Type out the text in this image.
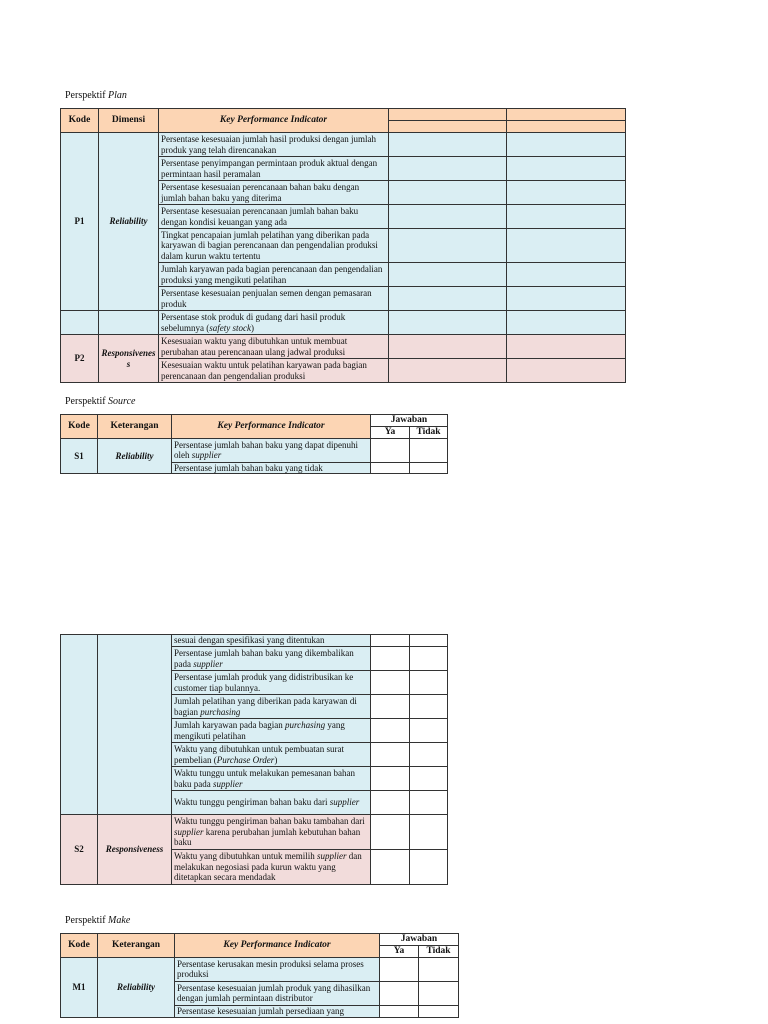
Perspektif Plan
Kode	Dimensi	Key Performance Indicator		

P1	Reliability	Persentase kesesuaian jumlah hasil produksi dengan jumlah produk yang telah direncanakan		
		Persentase penyimpangan permintaan produk aktual dengan permintaan hasil peramalan		
		Persentase kesesuaian perencanaan bahan baku dengan jumlah bahan baku yang diterima		
		Persentase kesesuaian perencanaan jumlah bahan baku dengan kondisi keuangan yang ada		
		Tingkat pencapaian jumlah pelatihan yang diberikan pada karyawan di bagian perencanaan dan pengendalian produksi dalam kurun waktu tertentu		
		Jumlah karyawan pada bagian perencanaan dan pengendalian produksi yang mengikuti pelatihan		
		Persentase kesesuaian penjualan semen dengan pemasaran produk		
		Persentase stok produk di gudang dari hasil produk sebelumnya (safety stock)		
P2	Responsiveness	Kesesuaian waktu yang dibutuhkan untuk membuat perubahan atau perencanaan ulang jadwal produksi		
		Kesesuaian waktu untuk pelatihan karyawan pada bagian perencanaan dan pengendalian produksi		
Perspektif Source
Kode	Keterangan	Key Performance Indicator	Jawaban	
			Ya	Tidak
S1	Reliability	Persentase jumlah bahan baku yang dapat dipenuhi oleh supplier		
		Persentase jumlah bahan baku yang tidak		
		sesuai dengan spesifikasi yang ditentukan		
		Persentase jumlah bahan baku yang dikembalikan pada supplier		
		Persentase jumlah produk yang didistribusikan ke customer tiap bulannya.		
		Jumlah pelatihan yang diberikan pada karyawan di bagian purchasing		
		Jumlah karyawan pada bagian purchasing yang mengikuti pelatihan		
		Waktu yang dibutuhkan untuk pembuatan surat pembelian (Purchase Order)		
		Waktu tunggu untuk melakukan pemesanan bahan baku pada supplier		
		Waktu tunggu pengiriman bahan baku dari supplier		
S2	Responsiveness	Waktu tunggu pengiriman bahan baku tambahan dari supplier karena perubahan jumlah kebutuhan bahan baku		
		Waktu yang dibutuhkan untuk memilih supplier dan melakukan negosiasi pada kurun waktu yang ditetapkan secara mendadak		
Perspektif Make
Kode	Keterangan	Key Performance Indicator	Jawaban	
			Ya	Tidak
M1	Reliability	Persentase kerusakan mesin produksi selama proses produksi		
		Persentase kesesuaian jumlah produk yang dihasilkan dengan jumlah permintaan distributor		
		Persentase kesesuaian jumlah persediaan yang		
